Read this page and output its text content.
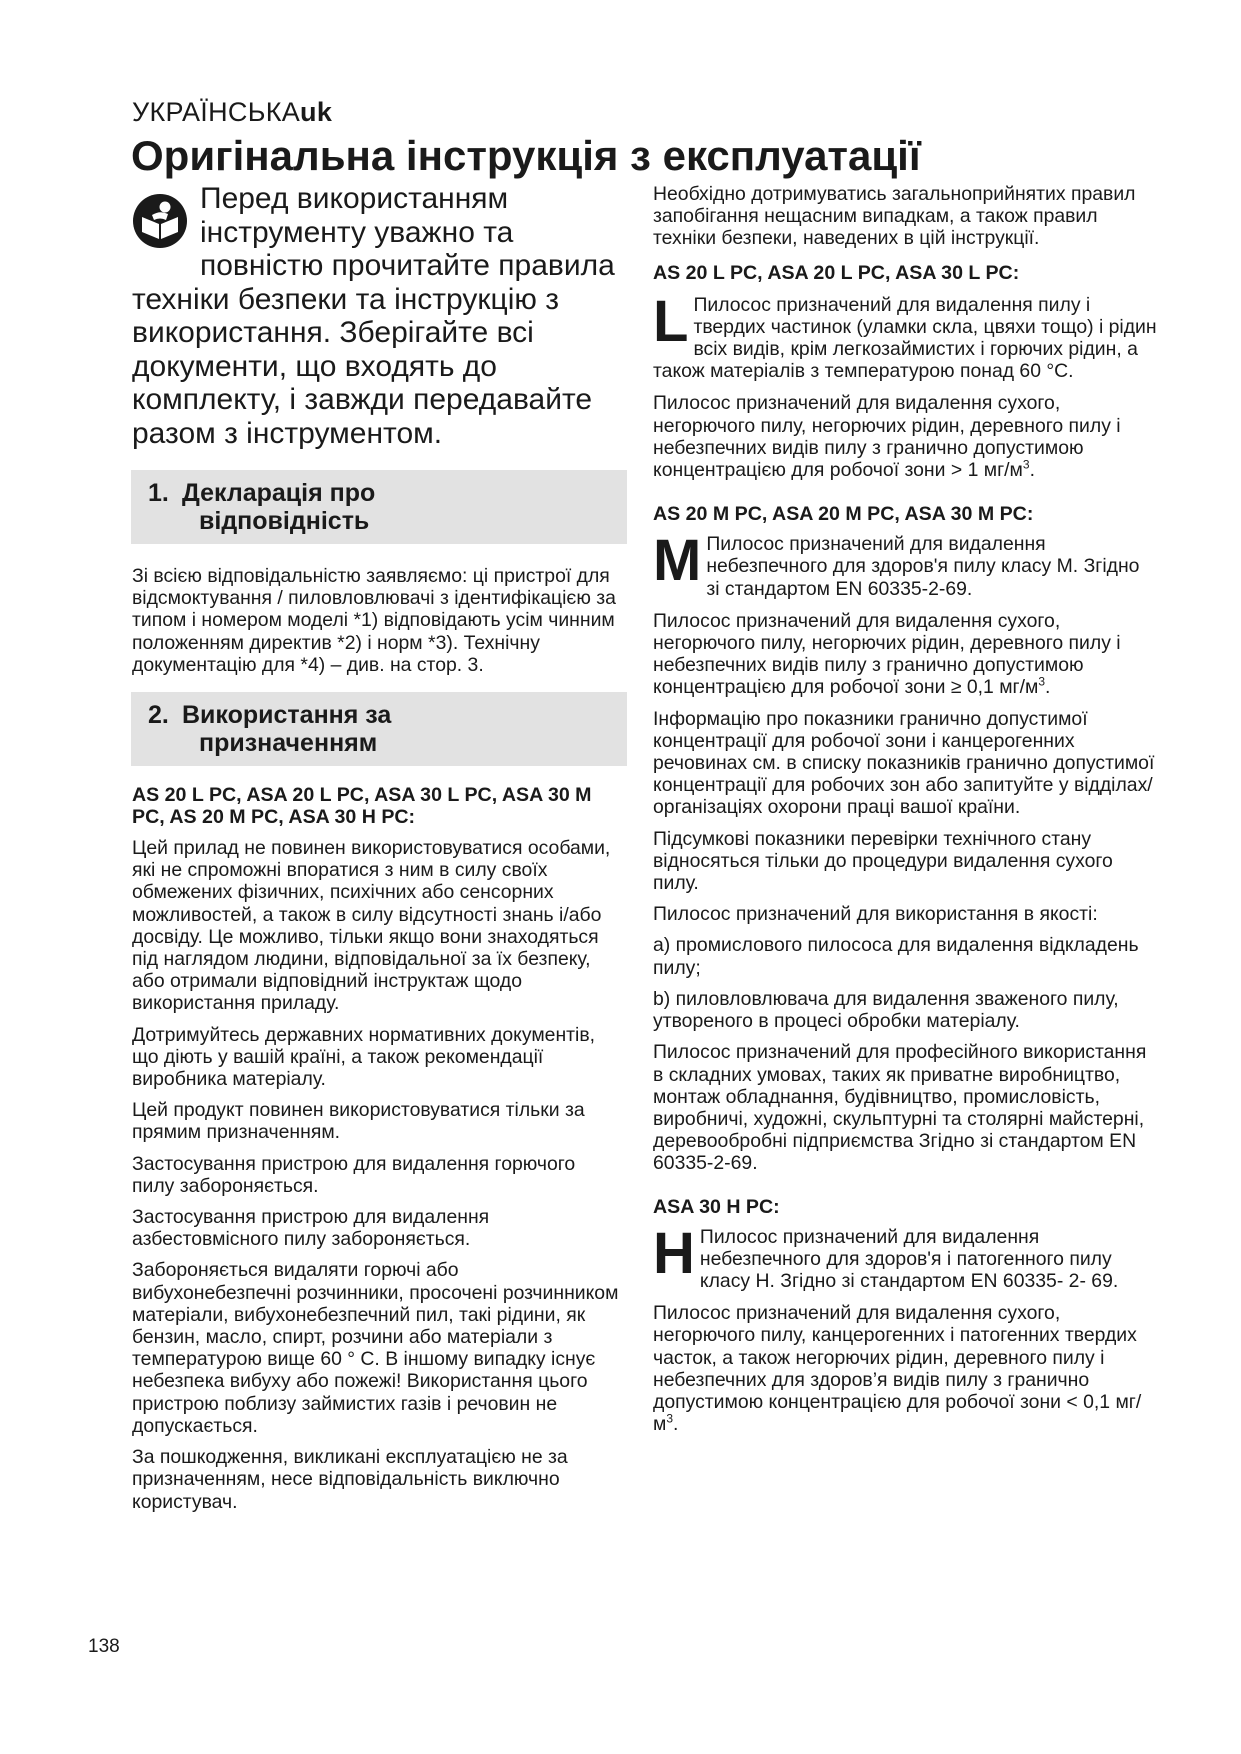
УКРАЇНСЬКАuk
Оригінальна інструкція з експлуатації
Перед використанням інструменту уважно та повністю прочитайте правила техніки безпеки та інструкцію з використання. Зберігайте всі документи, що входять до комплекту, і завжди передавайте разом з інструментом.
1. Декларація про
відповідність

Зі всією відповідальністю заявляємо: ці пристрої для відсмоктування / пиловловлювачі з ідентифікацією за типом і номером моделі *1) відповідають усім чинним положенням директив *2) і норм *3). Технічну документацію для *4) – див. на стор. 3.

2. Використання за
призначенням

AS 20 L PC, ASA 20 L PC, ASA 30 L PC, ASA 30 M PC, AS 20 M PC, ASA 30 H PC:

Цей прилад не повинен використовуватися особами, які не спроможні впоратися з ним в силу своїх обмежених фізичних, психічних або сенсорних можливостей, а також в силу відсутності знань і/або досвіду. Це можливо, тільки якщо вони знаходяться під наглядом людини, відповідальної за їх безпеку, або отримали відповідний інструктаж щодо використання приладу.

Дотримуйтесь державних нормативних документів, що діють у вашій країні, а також рекомендації виробника матеріалу.

Цей продукт повинен використовуватися тільки за прямим призначенням.

Застосування пристрою для видалення горючого пилу забороняється.

Застосування пристрою для видалення азбестовмісного пилу забороняється.

Забороняється видаляти горючі або вибухонебезпечні розчинники, просочені розчинником матеріали, вибухонебезпечний пил, такі рідини, як бензин, масло, спирт, розчини або матеріали з температурою вище 60 ° С. В іншому випадку існує небезпека вибуху або пожежі! Використання цього пристрою поблизу займистих газів і речовин не допускається.

За пошкодження, викликані експлуатацією не за призначенням, несе відповідальність виключно користувач.

Необхідно дотримуватись загальноприйнятих правил запобігання нещасним випадкам, а також правил техніки безпеки, наведених в цій інструкції.

AS 20 L PC, ASA 20 L PC, ASA 30 L PC:

L Пилосос призначений для видалення пилу і твердих частинок (уламки скла, цвяхи тощо) і рідин всіх видів, крім легкозаймистих і горючих рідин, а також матеріалів з температурою понад 60 °С.

Пилосос призначений для видалення сухого, негорючого пилу, негорючих рідин, деревного пилу і небезпечних видів пилу з гранично допустимою концентрацією для робочої зони > 1 $мг/м^3$.

AS 20 M PC, ASA 20 M PC, ASA 30 M PC:

M Пилосос призначений для видалення небезпечного для здоров'я пилу класу M. Згідно зі стандартом EN 60335-2-69.

Пилосос призначений для видалення сухого, негорючого пилу, негорючих рідин, деревного пилу і небезпечних видів пилу з гранично допустимою концентрацією для робочої зони ≥ 0,1 $мг/м^3$.

Інформацію про показники гранично допустимої концентрації для робочої зони і канцерогенних речовинах см. в списку показників гранично допустимої концентрації для робочих зон або запитуйте у відділах/організаціях охорони праці вашої країни.

Підсумкові показники перевірки технічного стану відносяться тільки до процедури видалення сухого пилу.

Пилосос призначений для використання в якості:

a) промислового пилососа для видалення відкладень пилу;

b) пиловловлювача для видалення зваженого пилу, утвореного в процесі обробки матеріалу.

Пилосос призначений для професійного використання в складних умовах, таких як приватне виробництво, монтаж обладнання, будівництво, промисловість, виробничі, художні, скульптурні та столярні майстерні, деревообробні підприємства Згідно зі стандартом EN 60335-2-69.

ASA 30 H PC:

H Пилосос призначений для видалення небезпечного для здоров'я і патогенного пилу класу H. Згідно зі стандартом EN 60335- 2- 69.

Пилосос призначений для видалення сухого, негорючого пилу, канцерогенних і патогенних твердих часток, а також негорючих рідин, деревного пилу і небезпечних для здоров’я видів пилу з гранично допустимою концентрацією для робочої зони < 0,1 $мг/м^3$.

138
